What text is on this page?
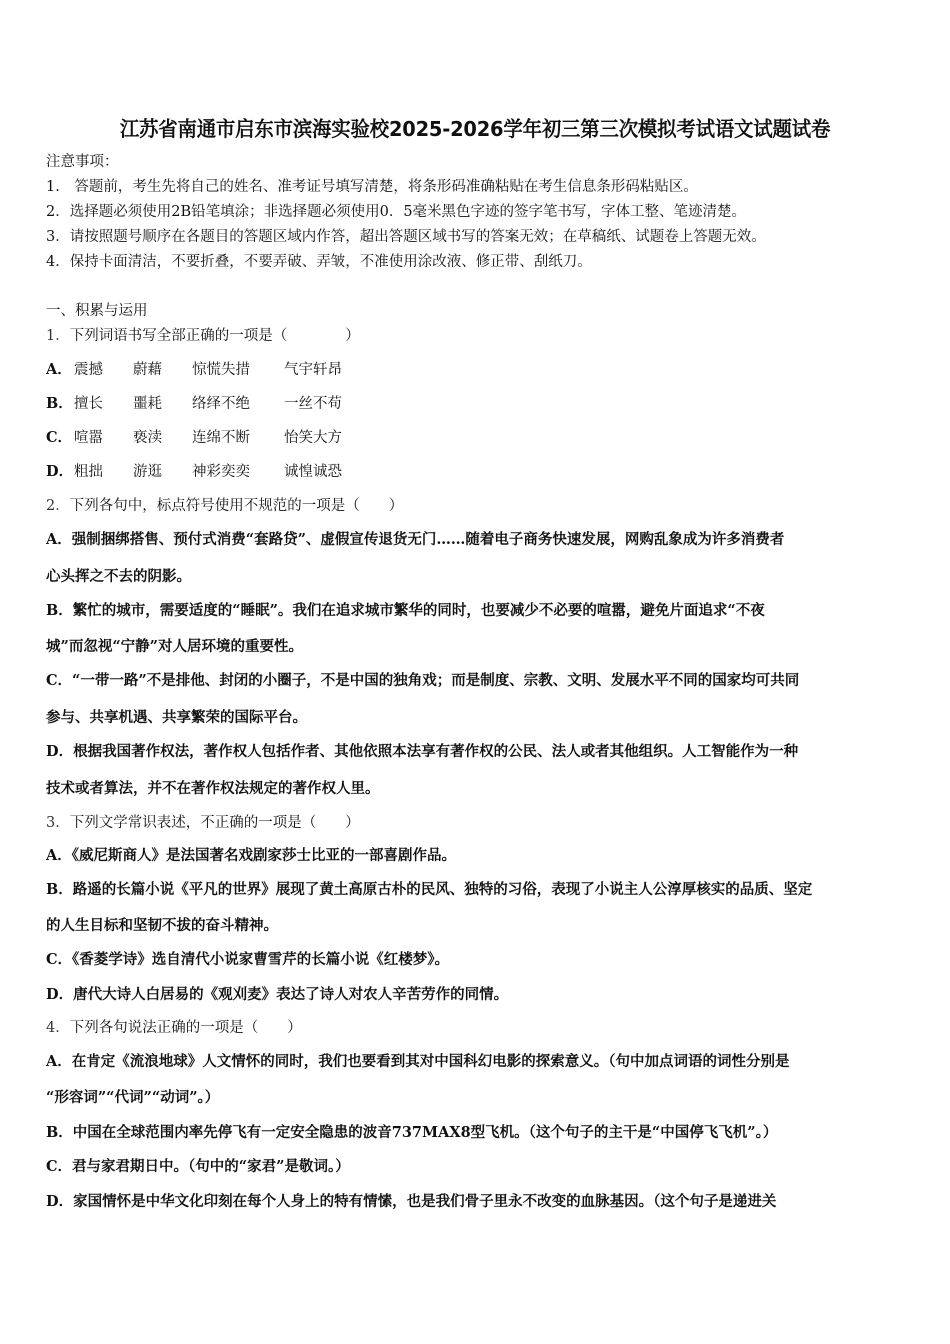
江苏省南通市启东市滨海实验校2025-2026学年初三第三次模拟考试语文试题试卷
注意事项：
1.　答题前，考生先将自己的姓名、准考证号填写清楚，将条形码准确粘贴在考生信息条形码粘贴区。
2．选择题必须使用2B铅笔填涂；非选择题必须使用0．5毫米黑色字迹的签字笔书写，字体工整、笔迹清楚。
3．请按照题号顺序在各题目的答题区域内作答，超出答题区域书写的答案无效；在草稿纸、试题卷上答题无效。
4．保持卡面清洁，不要折叠，不要弄破、弄皱，不准使用涂改液、修正带、刮纸刀。
一、积累与运用
1．下列词语书写全部正确的一项是（　　　　）
A． 震撼 蔚藉 惊慌失措 气宇轩昂
B．擅长 噩耗 络绎不绝 一丝不苟
C． 喧嚣 亵渎 连绵不断 怡笑大方
D．粗拙 游逛 神彩奕奕 诚惶诚恐
2．下列各句中，标点符号使用不规范的一项是（　　）
A．强制捆绑搭售、预付式消费“套路贷”、虚假宣传退货无门……随着电子商务快速发展，网购乱象成为许多消费者
心头挥之不去的阴影。
B．繁忙的城市，需要适度的“睡眠”。我们在追求城市繁华的同时，也要减少不必要的喧嚣，避免片面追求“不夜
城”而忽视“宁静”对人居环境的重要性。
C．“一带一路”不是排他、封闭的小圈子，不是中国的独角戏；而是制度、宗教、文明、发展水平不同的国家均可共同
参与、共享机遇、共享繁荣的国际平台。
D．根据我国著作权法，著作权人包括作者、其他依照本法享有著作权的公民、法人或者其他组织。人工智能作为一种
技术或者算法，并不在著作权法规定的著作权人里。
3．下列文学常识表述，不正确的一项是（　　）
A．《威尼斯商人》是法国著名戏剧家莎士比亚的一部喜剧作品。
B．路遥的长篇小说《平凡的世界》展现了黄土高原古朴的民风、独特的习俗，表现了小说主人公淳厚核实的品质、坚定
的人生目标和坚韧不拔的奋斗精神。
C．《香菱学诗》选自清代小说家曹雪芹的长篇小说《红楼梦》。
D．唐代大诗人白居易的《观刈麦》表达了诗人对农人辛苦劳作的同情。
4．下列各句说法正确的一项是（　　）
A．在肯定《流浪地球》人文情怀的同时，我们也要看到其对中国科幻电影的探索意义。（句中加点词语的词性分别是
“形容词”“代词”“动词”。）
B．中国在全球范围内率先停飞有一定安全隐患的波音737MAX8型飞机。（这个句子的主干是“中国停飞飞机”。）
C．君与家君期日中。（句中的“家君”是敬词。）
D．家国情怀是中华文化印刻在每个人身上的特有情愫，也是我们骨子里永不改变的血脉基因。（这个句子是递进关
